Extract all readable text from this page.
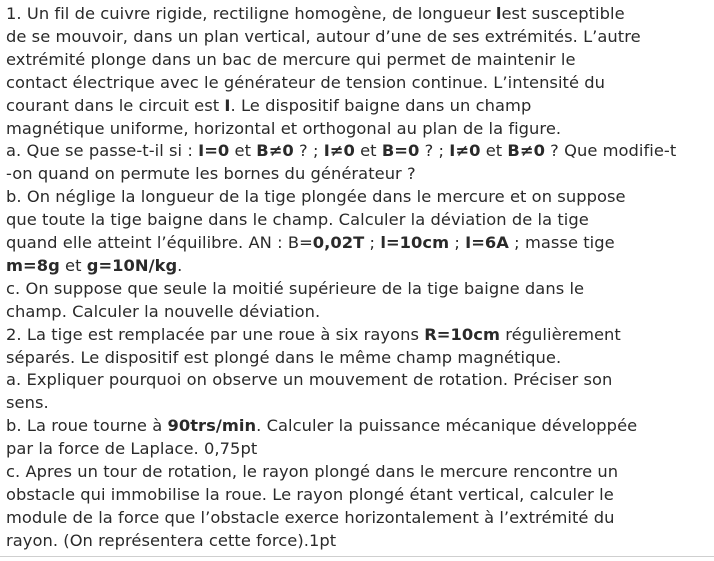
1. Un fil de cuivre rigide, rectiligne homogène, de longueur lest susceptible
de se mouvoir, dans un plan vertical, autour d’une de ses extrémités. L’autre
extrémité plonge dans un bac de mercure qui permet de maintenir le
contact électrique avec le générateur de tension continue. L’intensité du
courant dans le circuit est I. Le dispositif baigne dans un champ
magnétique uniforme, horizontal et orthogonal au plan de la figure.
a. Que se passe-t-il si : I=0 et B≠0 ? ; I≠0 et B=0 ? ; I≠0 et B≠0 ? Que modifie-t
-on quand on permute les bornes du générateur ?
b. On néglige la longueur de la tige plongée dans le mercure et on suppose
que toute la tige baigne dans le champ. Calculer la déviation de la tige
quand elle atteint l’équilibre. AN : B=0,02T ; l=10cm ; I=6A ; masse tige
m=8g et g=10N/kg.
c. On suppose que seule la moitié supérieure de la tige baigne dans le
champ. Calculer la nouvelle déviation.
2. La tige est remplacée par une roue à six rayons R=10cm régulièrement
séparés. Le dispositif est plongé dans le même champ magnétique.
a. Expliquer pourquoi on observe un mouvement de rotation. Préciser son
sens.
b. La roue tourne à 90trs/min. Calculer la puissance mécanique développée
par la force de Laplace. 0,75pt
c. Apres un tour de rotation, le rayon plongé dans le mercure rencontre un
obstacle qui immobilise la roue. Le rayon plongé étant vertical, calculer le
module de la force que l’obstacle exerce horizontalement à l’extrémité du
rayon. (On représentera cette force).1pt
